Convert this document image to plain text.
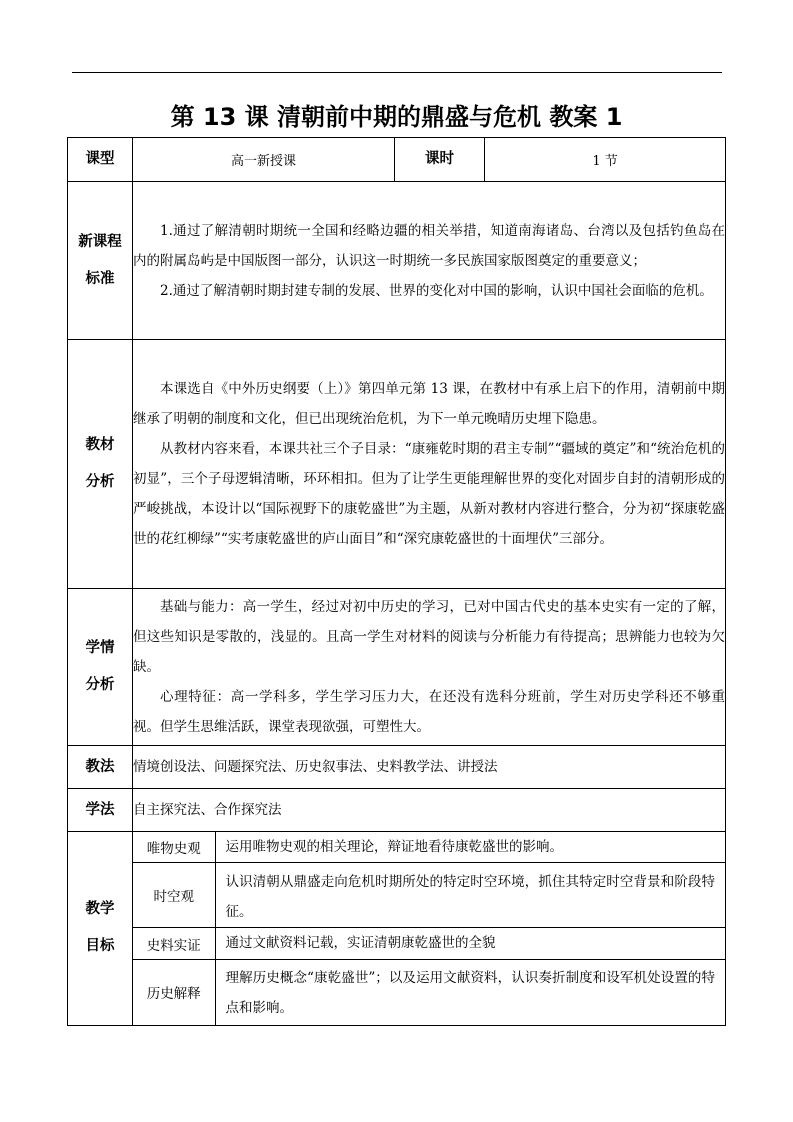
第 13 课 清朝前中期的鼎盛与危机 教案 1
课型	高一新授课	课时	1 节

新课程
标准

1.通过了解清朝时期统一全国和经略边疆的相关举措，知道南海诸岛、台湾以及包括钓鱼岛在内的附属岛屿是中国版图一部分，认识这一时期统一多民族国家版图奠定的重要意义；

2.通过了解清朝时期封建专制的发展、世界的变化对中国的影响，认识中国社会面临的危机。

教材
分析

本课选自《中外历史纲要（上）》第四单元第 13 课，在教材中有承上启下的作用，清朝前中期继承了明朝的制度和文化，但已出现统治危机，为下一单元晚晴历史埋下隐患。

从教材内容来看，本课共社三个子目录：“康雍乾时期的君主专制”“疆域的奠定”和“统治危机的初显”，三个子母逻辑清晰，环环相扣。但为了让学生更能理解世界的变化对固步自封的清朝形成的严峻挑战，本设计以“国际视野下的康乾盛世”为主题，从新对教材内容进行整合，分为初“探康乾盛世的花红柳绿”“实考康乾盛世的庐山面目”和“深究康乾盛世的十面埋伏”三部分。

学情
分析

基础与能力：高一学生，经过对初中历史的学习，已对中国古代史的基本史实有一定的了解，但这些知识是零散的，浅显的。且高一学生对材料的阅读与分析能力有待提高；思辨能力也较为欠缺。

心理特征：高一学科多，学生学习压力大，在还没有选科分班前，学生对历史学科还不够重视。但学生思维活跃，课堂表现欲强，可塑性大。

教法	情境创设法、问题探究法、历史叙事法、史料教学法、讲授法
学法	自主探究法、合作探究法

教学
目标

唯物史观	运用唯物史观的相关理论，辩证地看待康乾盛世的影响。
时空观	认识清朝从鼎盛走向危机时期所处的特定时空环境，抓住其特定时空背景和阶段特征。
史料实证	通过文献资料记载，实证清朝康乾盛世的全貌
历史解释	理解历史概念“康乾盛世”；以及运用文献资料，认识奏折制度和设军机处设置的特点和影响。
